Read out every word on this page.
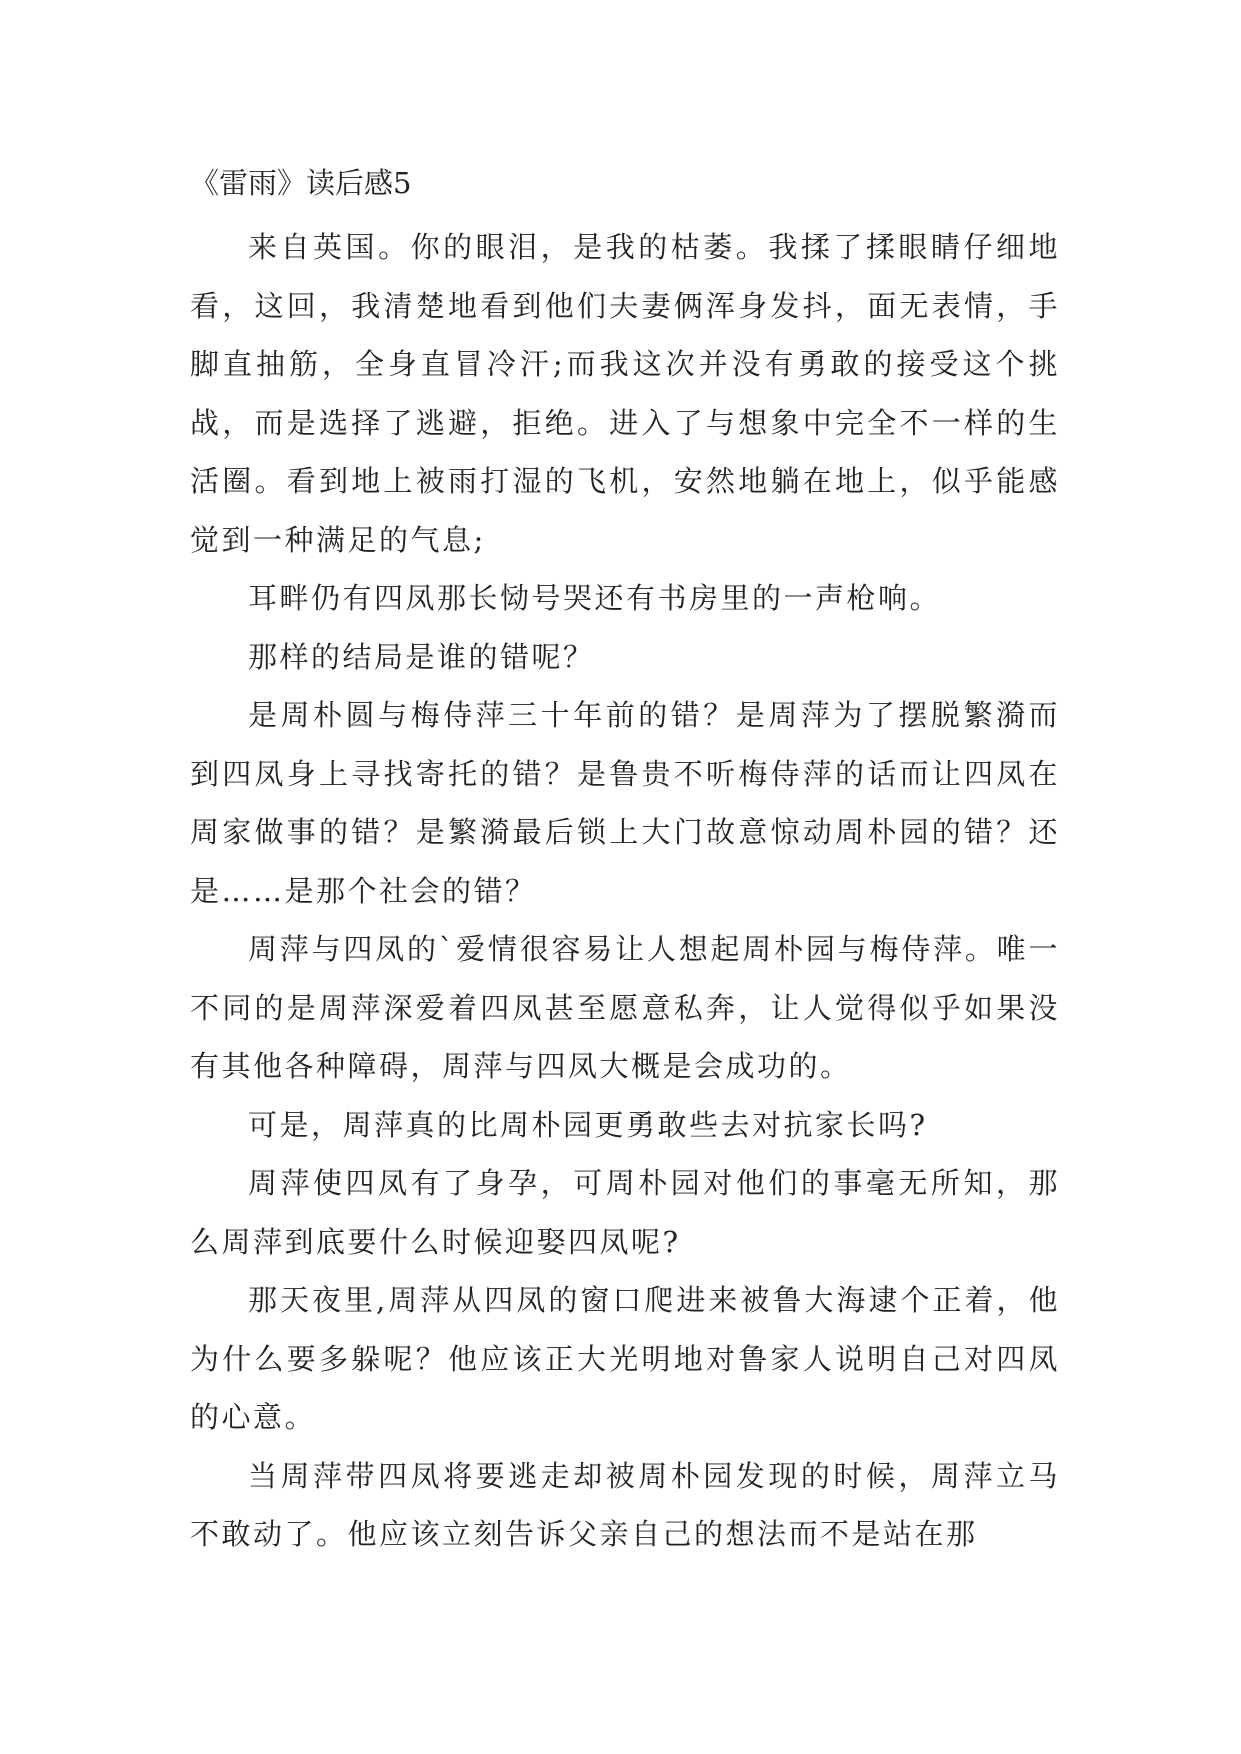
《雷雨》读后感5

来自英国。你的眼泪，是我的枯萎。我揉了揉眼睛仔细地看，这回，我清楚地看到他们夫妻俩浑身发抖，面无表情，手脚直抽筋，全身直冒冷汗;而我这次并没有勇敢的接受这个挑战，而是选择了逃避，拒绝。进入了与想象中完全不一样的生活圈。看到地上被雨打湿的飞机，安然地躺在地上，似乎能感觉到一种满足的气息;

耳畔仍有四凤那长恸号哭还有书房里的一声枪响。

那样的结局是谁的错呢？

是周朴圆与梅侍萍三十年前的错？是周萍为了摆脱繁漪而到四凤身上寻找寄托的错？是鲁贵不听梅侍萍的话而让四凤在周家做事的错？是繁漪最后锁上大门故意惊动周朴园的错？还是……是那个社会的错？

周萍与四凤的`爱情很容易让人想起周朴园与梅侍萍。唯一不同的是周萍深爱着四凤甚至愿意私奔，让人觉得似乎如果没有其他各种障碍，周萍与四凤大概是会成功的。

可是，周萍真的比周朴园更勇敢些去对抗家长吗?

周萍使四凤有了身孕，可周朴园对他们的事毫无所知，那么周萍到底要什么时候迎娶四凤呢?

那天夜里,周萍从四凤的窗口爬进来被鲁大海逮个正着，他为什么要多躲呢？他应该正大光明地对鲁家人说明自己对四凤的心意。

当周萍带四凤将要逃走却被周朴园发现的时候，周萍立马不敢动了。他应该立刻告诉父亲自己的想法而不是站在那
